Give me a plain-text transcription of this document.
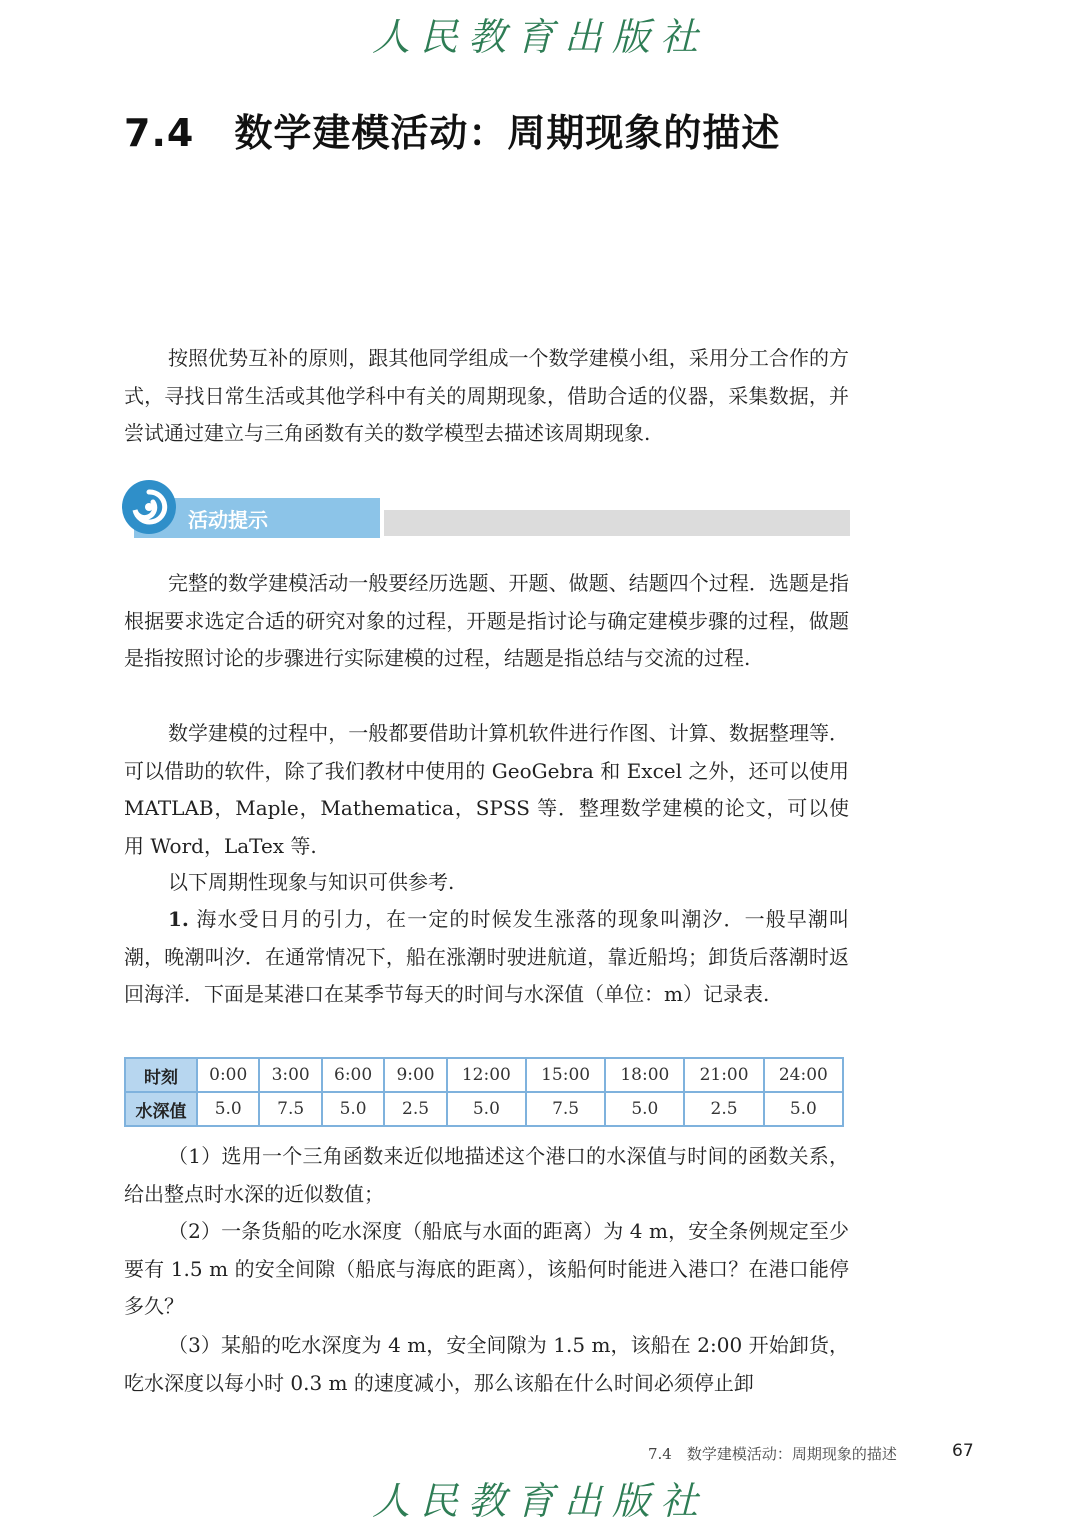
人民教育出版社
7.4 数学建模活动：周期现象的描述

按照优势互补的原则，跟其他同学组成一个数学建模小组，采用分工合作的方式，寻找日常生活或其他学科中有关的周期现象，借助合适的仪器，采集数据，并尝试通过建立与三角函数有关的数学模型去描述该周期现象.

活动提示

完整的数学建模活动一般要经历选题、开题、做题、结题四个过程．选题是指根据要求选定合适的研究对象的过程，开题是指讨论与确定建模步骤的过程，做题是指按照讨论的步骤进行实际建模的过程，结题是指总结与交流的过程.

数学建模的过程中，一般都要借助计算机软件进行作图、计算、数据整理等．可以借助的软件，除了我们教材中使用的 GeoGebra 和 Excel 之外，还可以使用 MATLAB，Maple，Mathematica，SPSS 等．整理数学建模的论文，可以使用 Word，LaTex 等.

以下周期性现象与知识可供参考.

1. 海水受日月的引力，在一定的时候发生涨落的现象叫潮汐．一般早潮叫潮，晚潮叫汐．在通常情况下，船在涨潮时驶进航道，靠近船坞；卸货后落潮时返回海洋．下面是某港口在某季节每天的时间与水深值（单位：m）记录表.

时刻	0:00	3:00	6:00	9:00	12:00	15:00	18:00	21:00	24:00
水深值	5.0	7.5	5.0	2.5	5.0	7.5	5.0	2.5	5.0

（1）选用一个三角函数来近似地描述这个港口的水深值与时间的函数关系，给出整点时水深的近似数值；

（2）一条货船的吃水深度（船底与水面的距离）为 4 m，安全条例规定至少要有 1.5 m 的安全间隙（船底与海底的距离），该船何时能进入港口？在港口能停多久？

（3）某船的吃水深度为 4 m，安全间隙为 1.5 m，该船在 2:00 开始卸货，吃水深度以每小时 0.3 m 的速度减小，那么该船在什么时间必须停止卸

7.4　数学建模活动：周期现象的描述	67
人民教育出版社
